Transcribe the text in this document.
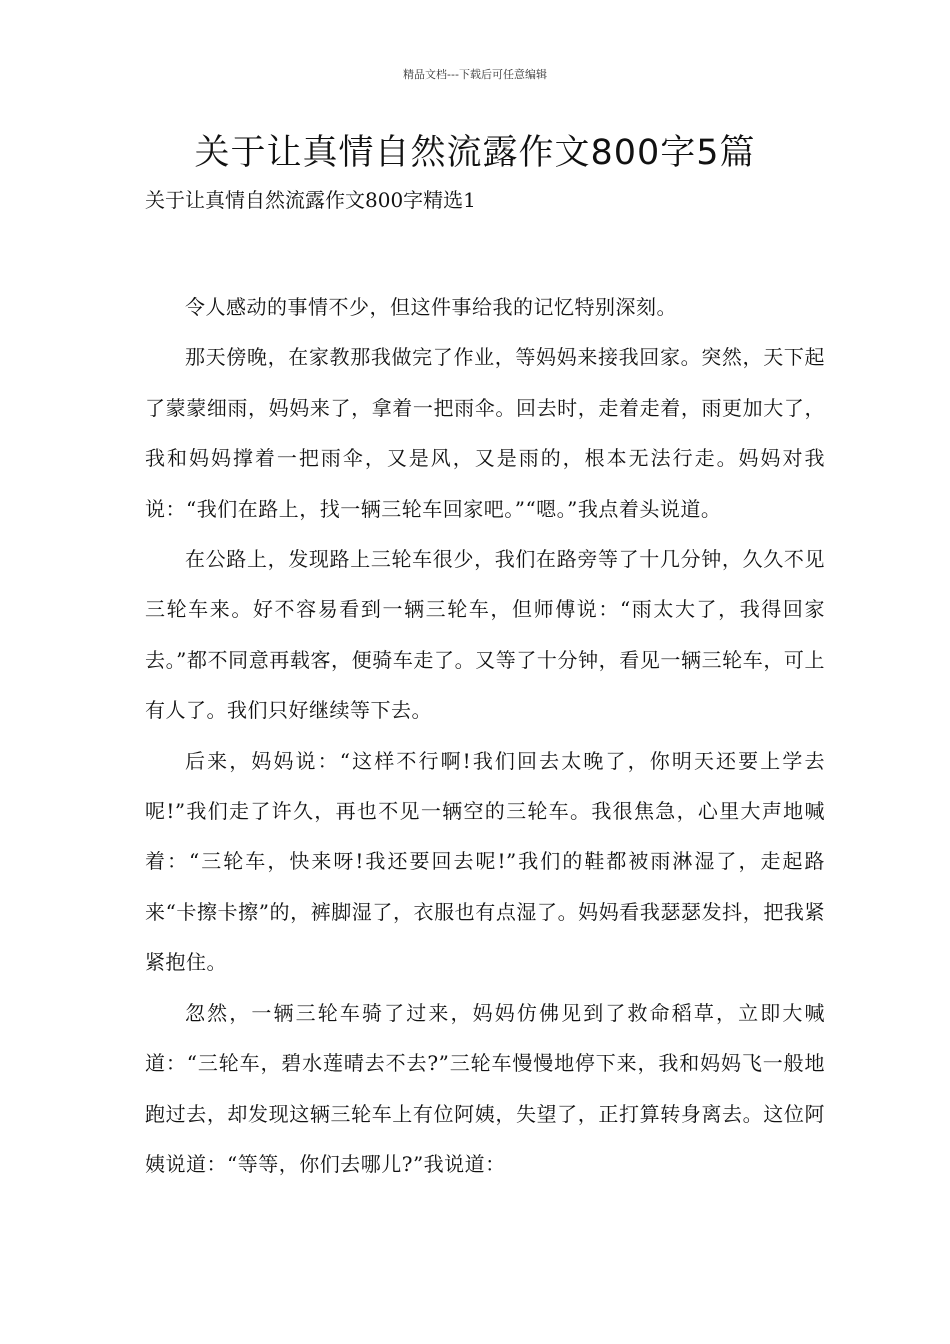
精品文档---下载后可任意编辑
关于让真情自然流露作文800字5篇
关于让真情自然流露作文800字精选1

令人感动的事情不少，但这件事给我的记忆特别深刻。

那天傍晚，在家教那我做完了作业，等妈妈来接我回家。突然，天下起了蒙蒙细雨，妈妈来了，拿着一把雨伞。回去时，走着走着，雨更加大了，我和妈妈撑着一把雨伞，又是风，又是雨的，根本无法行走。妈妈对我说：“我们在路上，找一辆三轮车回家吧。”“嗯。”我点着头说道。

在公路上，发现路上三轮车很少，我们在路旁等了十几分钟，久久不见三轮车来。好不容易看到一辆三轮车，但师傅说：“雨太大了，我得回家去。”都不同意再载客，便骑车走了。又等了十分钟，看见一辆三轮车，可上有人了。我们只好继续等下去。

后来，妈妈说：“这样不行啊!我们回去太晚了，你明天还要上学去呢!”我们走了许久，再也不见一辆空的三轮车。我很焦急，心里大声地喊着：“三轮车，快来呀!我还要回去呢!”我们的鞋都被雨淋湿了，走起路来“卡擦卡擦”的，裤脚湿了，衣服也有点湿了。妈妈看我瑟瑟发抖，把我紧紧抱住。

忽然，一辆三轮车骑了过来，妈妈仿佛见到了救命稻草，立即大喊道：“三轮车，碧水莲晴去不去?”三轮车慢慢地停下来，我和妈妈飞一般地跑过去，却发现这辆三轮车上有位阿姨，失望了，正打算转身离去。这位阿姨说道：“等等，你们去哪儿?”我说道：
